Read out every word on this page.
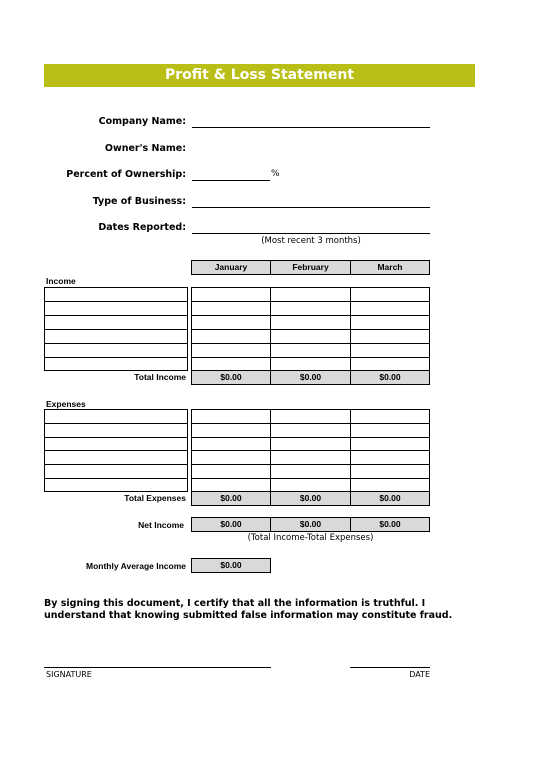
Profit & Loss Statement
Company Name:
Owner's Name:
Percent of Ownership:	%
Type of Business:
Dates Reported:
(Most recent 3 months)
January	February	March
Income
Total Income	$0.00	$0.00	$0.00
Expenses
Total Expenses	$0.00	$0.00	$0.00
Net Income	$0.00	$0.00	$0.00
(Total Income-Total Expenses)
Monthly Average Income	$0.00
By signing this document, I certify that all the information is truthful. I understand that knowing submitted false information may constitute fraud.
SIGNATURE	DATE
